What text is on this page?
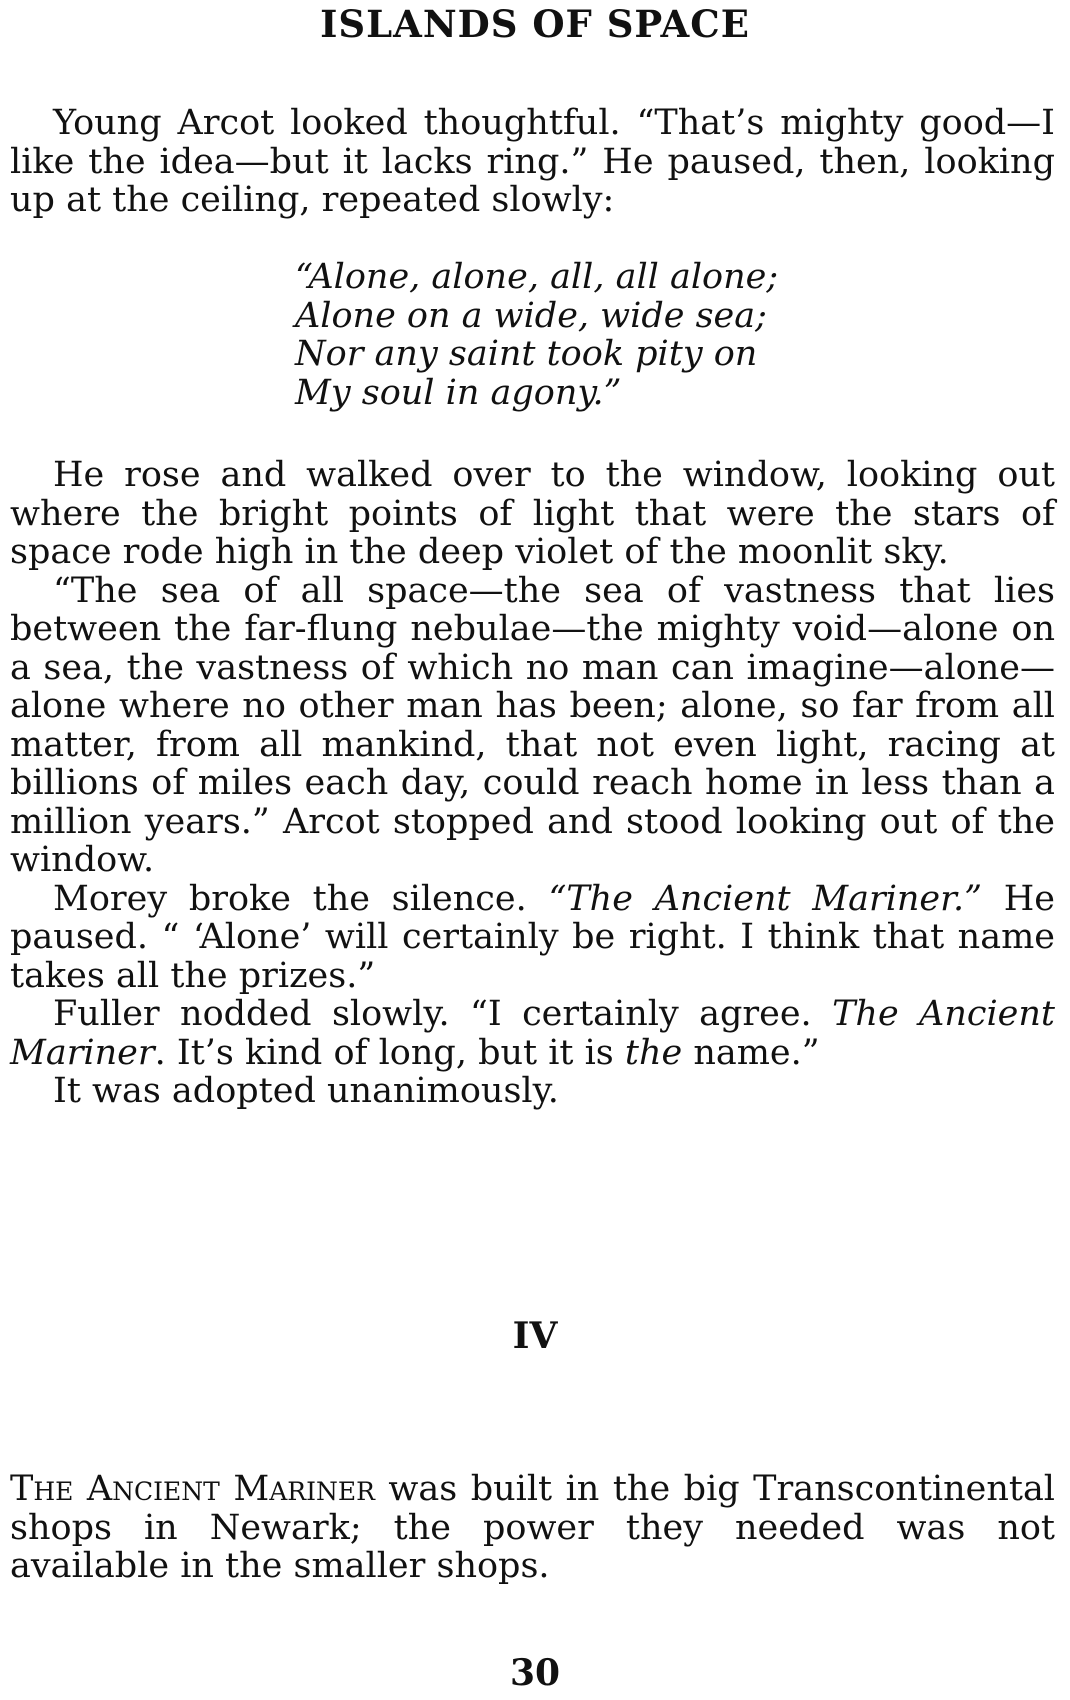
ISLANDS OF SPACE

Young Arcot looked thoughtful. “That’s mighty good—I like the idea—but it lacks ring.” He paused, then, looking up at the ceiling, repeated slowly:

“Alone, alone, all, all alone;
Alone on a wide, wide sea;
Nor any saint took pity on
My soul in agony.”

He rose and walked over to the window, looking out where the bright points of light that were the stars of space rode high in the deep violet of the moonlit sky.

“The sea of all space—the sea of vastness that lies between the far-flung nebulae—the mighty void—alone on a sea, the vastness of which no man can imagine—alone—alone where no other man has been; alone, so far from all matter, from all mankind, that not even light, racing at billions of miles each day, could reach home in less than a million years.” Arcot stopped and stood looking out of the window.

Morey broke the silence. “The Ancient Mariner.” He paused. “ ‘Alone’ will certainly be right. I think that name takes all the prizes.”

Fuller nodded slowly. “I certainly agree. The Ancient Mariner. It’s kind of long, but it is the name.”

It was adopted unanimously.

IV

The Ancient Mariner was built in the big Transcontinental shops in Newark; the power they needed was not available in the smaller shops.

30
